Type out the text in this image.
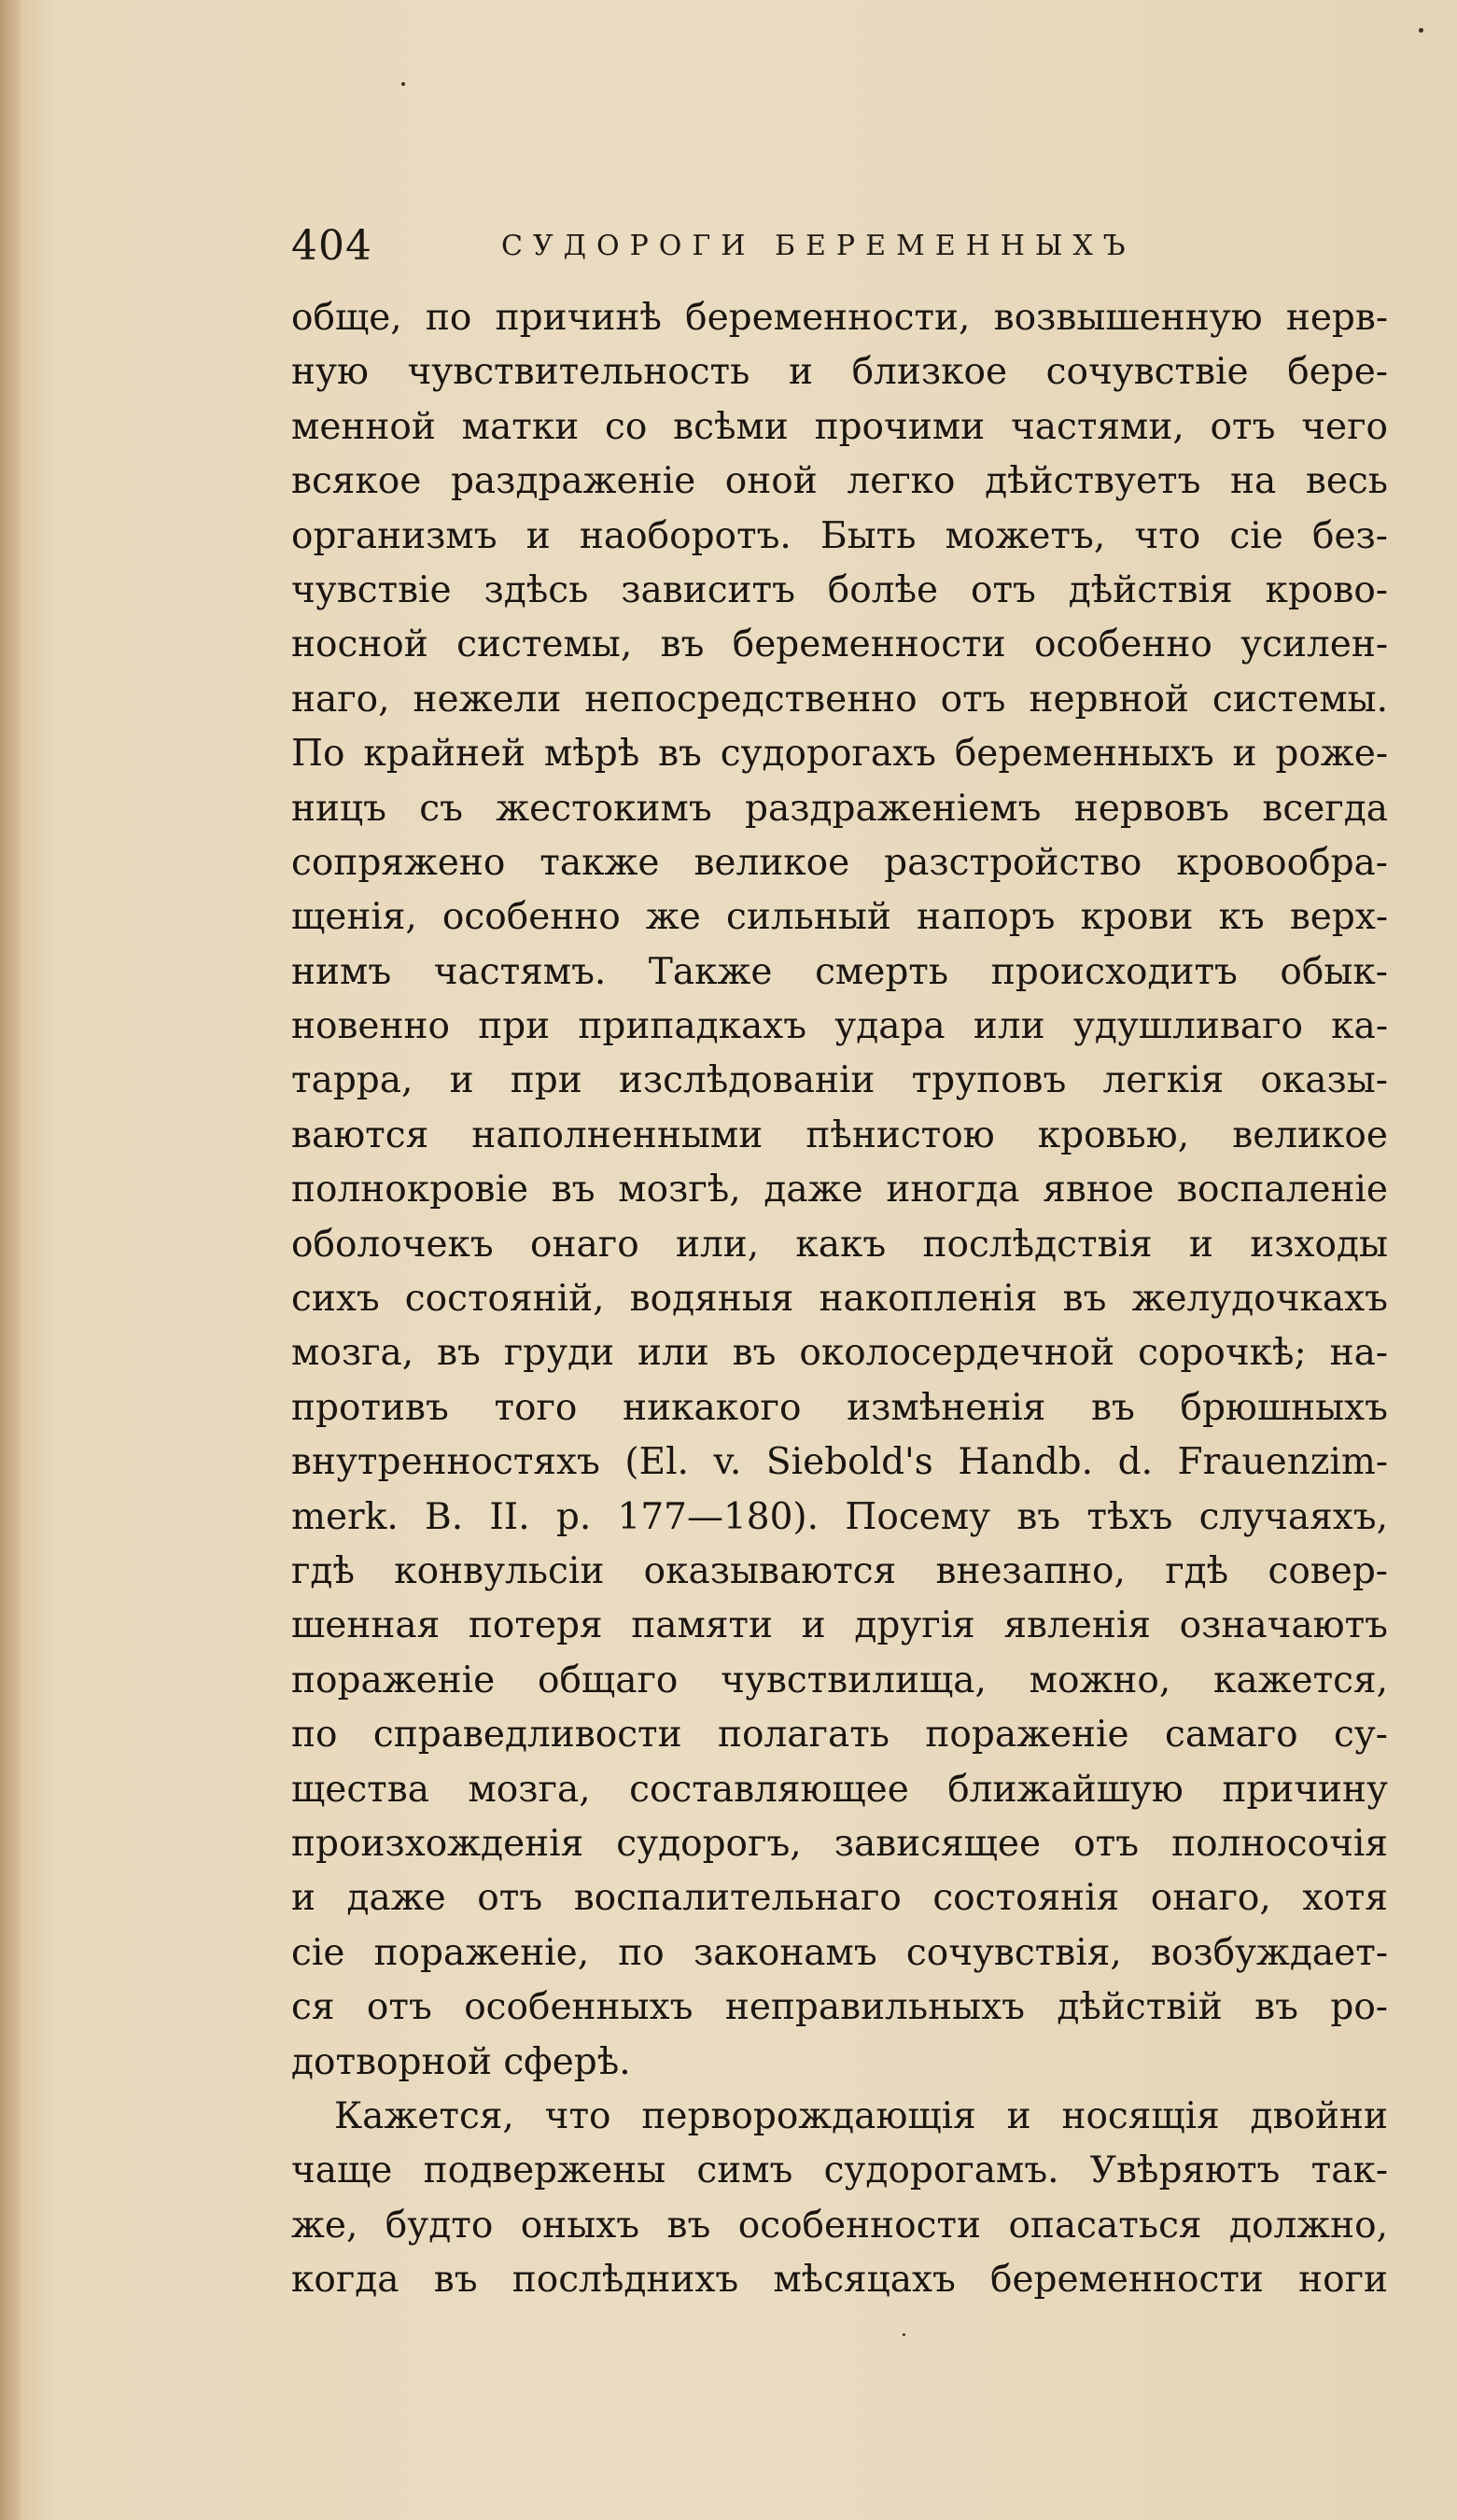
404	СУДОРОГИ БЕРЕМЕННЫХЪ
обще, по причинѣ беременности, возвышенную нерв-
ную чувствительность и близкое сочувствіе бере-
менной матки со всѣми прочими частями, отъ чего
всякое раздраженіе оной легко дѣйствуетъ на весь
организмъ и наоборотъ. Быть можетъ, что сіе без-
чувствіе здѣсь зависитъ болѣе отъ дѣйствія крово-
носной системы, въ беременности особенно усилен-
наго, нежели непосредственно отъ нервной системы.
По крайней мѣрѣ въ судорогахъ беременныхъ и роже-
ницъ съ жестокимъ раздраженіемъ нервовъ всегда
сопряжено также великое разстройство кровообра-
щенія, особенно же сильный напоръ крови къ верх-
нимъ частямъ. Также смерть происходитъ обык-
новенно при припадкахъ удара или удушливаго ка-
тарра, и при изслѣдованіи труповъ легкія оказы-
ваются наполненными пѣнистою кровью, великое
полнокровіе въ мозгѣ, даже иногда явное воспаленіе
оболочекъ онаго или, какъ послѣдствія и изходы
сихъ состояній, водяныя накопленія въ желудочкахъ
мозга, въ груди или въ околосердечной сорочкѣ; на-
противъ того никакого измѣненія въ брюшныхъ
внутренностяхъ (El. v. Siebold's Handb. d. Frauenzim-
merk. B. II. p. 177—180). Посему въ тѣхъ случаяхъ,
гдѣ конвульсіи оказываются внезапно, гдѣ совер-
шенная потеря памяти и другія явленія означаютъ
пораженіе общаго чувствилища, можно, кажется,
по справедливости полагать пораженіе самаго су-
щества мозга, составляющее ближайшую причину
произхожденія судорогъ, зависящее отъ полносочія
и даже отъ воспалительнаго состоянія онаго, хотя
сіе пораженіе, по законамъ сочувствія, возбуждает-
ся отъ особенныхъ неправильныхъ дѣйствій въ ро-
дотворной сферѣ.
Кажется, что перворождающія и носящія двойни
чаще подвержены симъ судорогамъ. Увѣряютъ так-
же, будто оныхъ въ особенности опасаться должно,
когда въ послѣднихъ мѣсяцахъ беременности ноги
